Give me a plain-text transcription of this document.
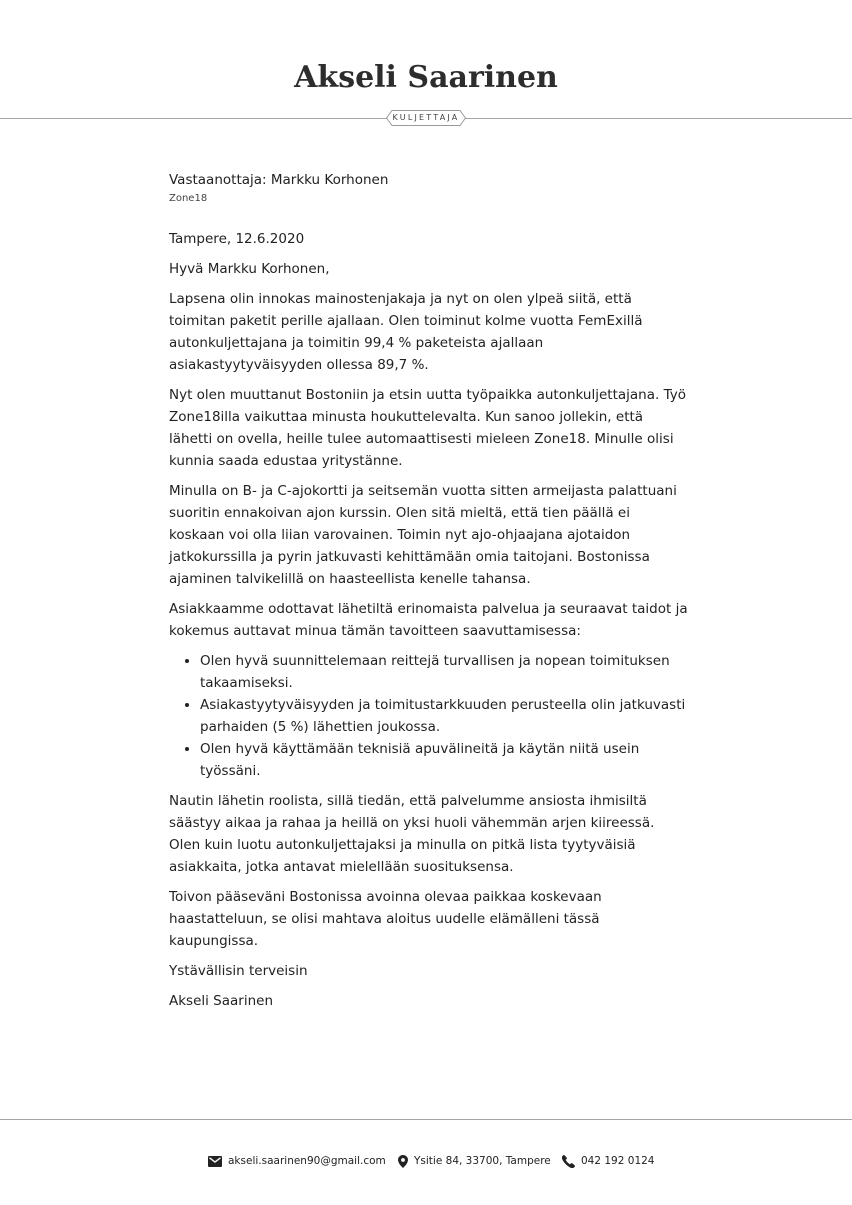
Akseli Saarinen
KULJETTAJA
Vastaanottaja: Markku Korhonen
Zone18

Tampere, 12.6.2020

Hyvä Markku Korhonen,

Lapsena olin innokas mainostenjakaja ja nyt on olen ylpeä siitä, että toimitan paketit perille ajallaan. Olen toiminut kolme vuotta FemExillä autonkuljettajana ja toimitin 99,4 % paketeista ajallaan asiakastyytyväisyyden ollessa 89,7 %.

Nyt olen muuttanut Bostoniin ja etsin uutta työpaikka autonkuljettajana. Työ Zone18illa vaikuttaa minusta houkuttelevalta. Kun sanoo jollekin, että lähetti on ovella, heille tulee automaattisesti mieleen Zone18. Minulle olisi kunnia saada edustaa yritystänne.

Minulla on B- ja C-ajokortti ja seitsemän vuotta sitten armeijasta palattuani suoritin ennakoivan ajon kurssin. Olen sitä mieltä, että tien päällä ei koskaan voi olla liian varovainen. Toimin nyt ajo-ohjaajana ajotaidon jatkokurssilla ja pyrin jatkuvasti kehittämään omia taitojani. Bostonissa ajaminen talvikelillä on haasteellista kenelle tahansa.

Asiakkaamme odottavat lähetiltä erinomaista palvelua ja seuraavat taidot ja kokemus auttavat minua tämän tavoitteen saavuttamisessa:

• Olen hyvä suunnittelemaan reittejä turvallisen ja nopean toimituksen takaamiseksi.
• Asiakastyytyväisyyden ja toimitustarkkuuden perusteella olin jatkuvasti parhaiden (5 %) lähettien joukossa.
• Olen hyvä käyttämään teknisiä apuvälineitä ja käytän niitä usein työssäni.

Nautin lähetin roolista, sillä tiedän, että palvelumme ansiosta ihmisiltä säästyy aikaa ja rahaa ja heillä on yksi huoli vähemmän arjen kiireessä. Olen kuin luotu autonkuljettajaksi ja minulla on pitkä lista tyytyväisiä asiakkaita, jotka antavat mielellään suosituksensa.

Toivon pääseväni Bostonissa avoinna olevaa paikkaa koskevaan haastatteluun, se olisi mahtava aloitus uudelle elämälleni tässä kaupungissa.

Ystävällisin terveisin

Akseli Saarinen

akseli.saarinen90@gmail.com	Ysitie 84, 33700, Tampere	042 192 0124
